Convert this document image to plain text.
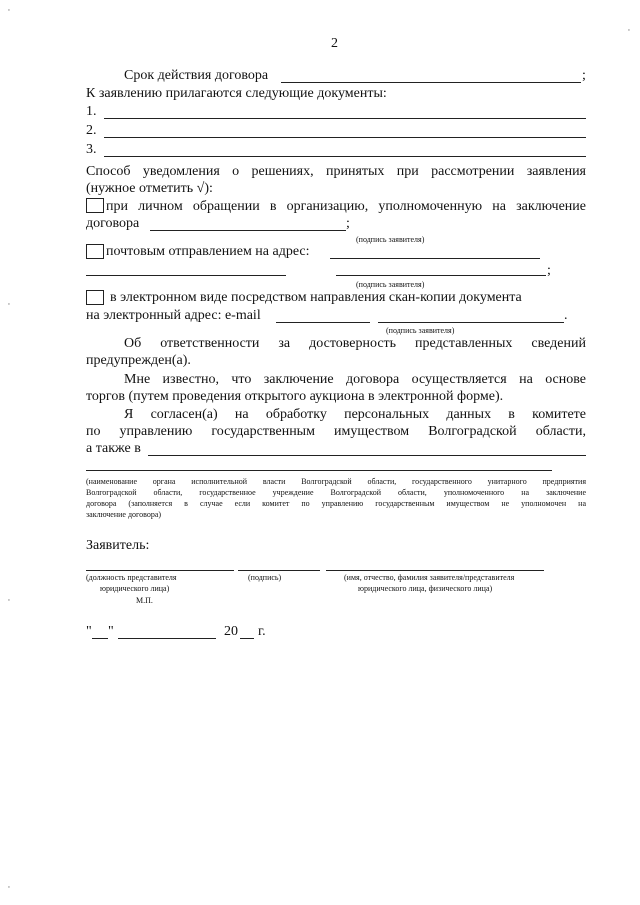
'
'
'
'
'
2
Срок действия договора	;
К заявлению прилагаются следующие документы:
1.
2.
3.
Способ уведомления о решениях, принятых при рассмотрении заявления
(нужное отметить √):
при личном обращении в организацию, уполномоченную на заключение
договора	;
(подпись заявителя)
почтовым отправлением на адрес:
;
(подпись заявителя)
в электронном виде посредством направления скан-копии документа
на электронный адрес: e-mail	.
(подпись заявителя)
Об ответственности за достоверность представленных сведений
предупрежден(а).
Мне известно, что заключение договора осуществляется на основе
торгов (путем проведения открытого аукциона в электронной форме).
Я согласен(а) на обработку персональных данных в комитете
по управлению государственным имуществом Волгоградской области,
а также в
(наименование органа исполнительной власти Волгоградской области, государственного унитарного предприятия
Волгоградской области, государственное учреждение Волгоградской области, уполномоченного на заключение
договора (заполняется в случае если комитет по управлению государственным имуществом не уполномочен на
заключение договора)
Заявитель:
(должность представителя
юридического лица)
(подпись)	(имя, отчество, фамилия заявителя/представителя
юридического лица, физического лица)
М.П.
" "	20 г.
